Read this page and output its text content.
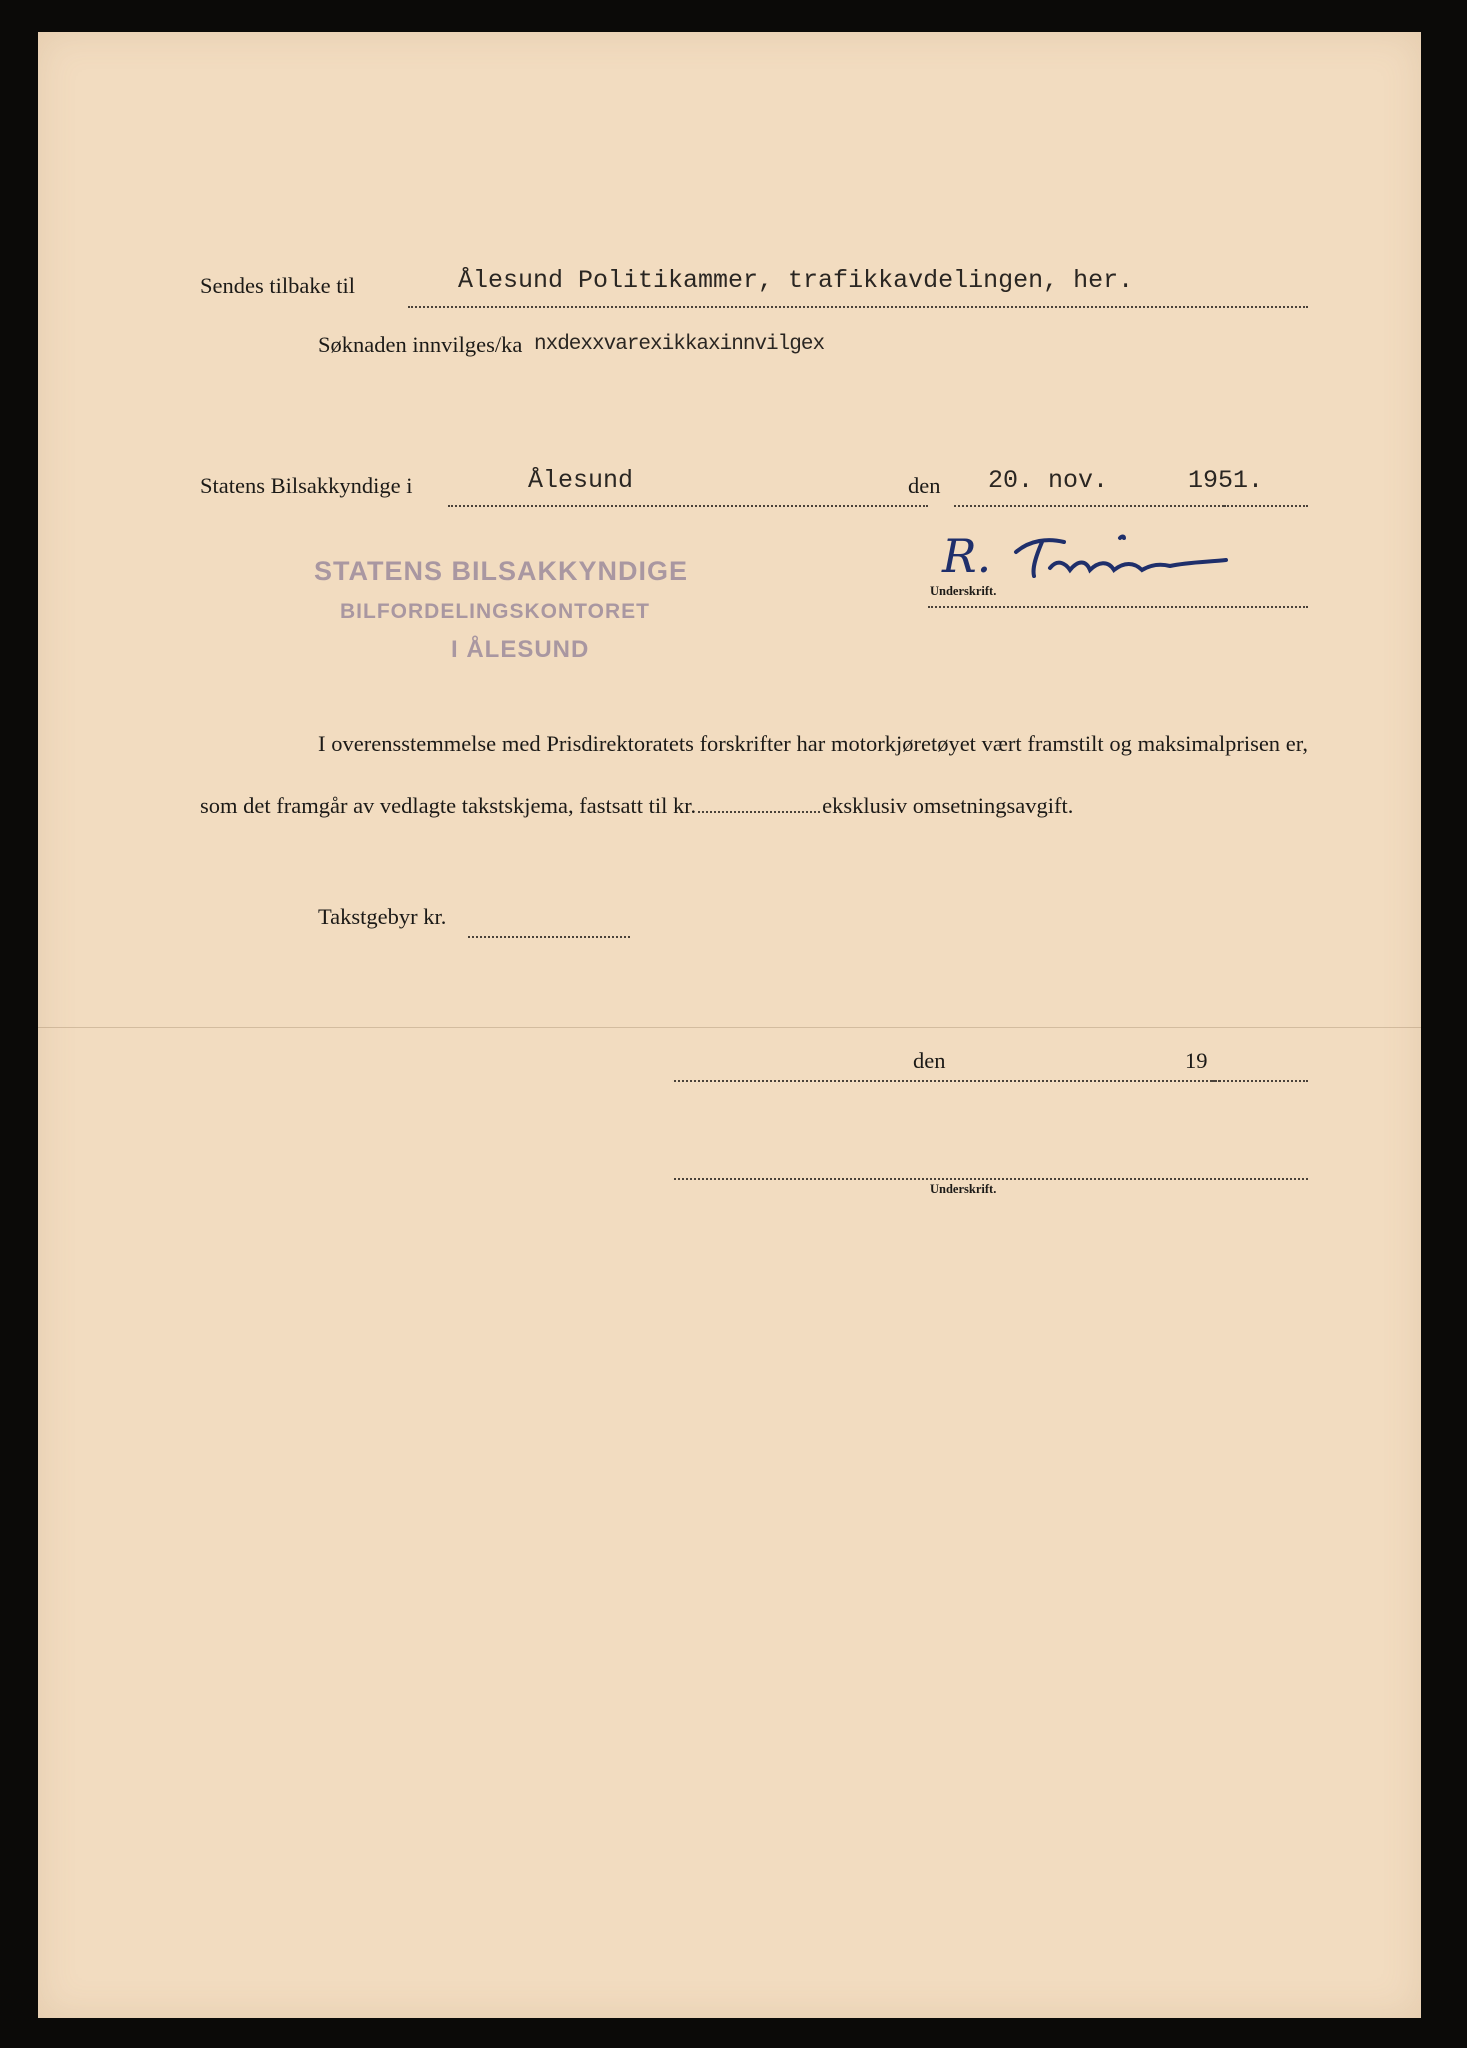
Sendes tilbake til	Ålesund Politikammer, trafikkavdelingen, her.
Søknaden innvilges/ka nxdexxvarexikkaxinnvilgex
Statens Bilsakkyndige i	Ålesund	den 20. nov.	1951.
Underskrift.
R.
STATENS BILSAKKYNDIGE
BILFORDELINGSKONTORET
I ÅLESUND
I overensstemmelse med Prisdirektoratets forskrifter har motorkjøretøyet vært framstilt og maksimalprisen er, som det framgår av vedlagte takstskjema, fastsatt til kr.	eksklusiv omsetningsavgift.
Takstgebyr kr.
den	19
Underskrift.
